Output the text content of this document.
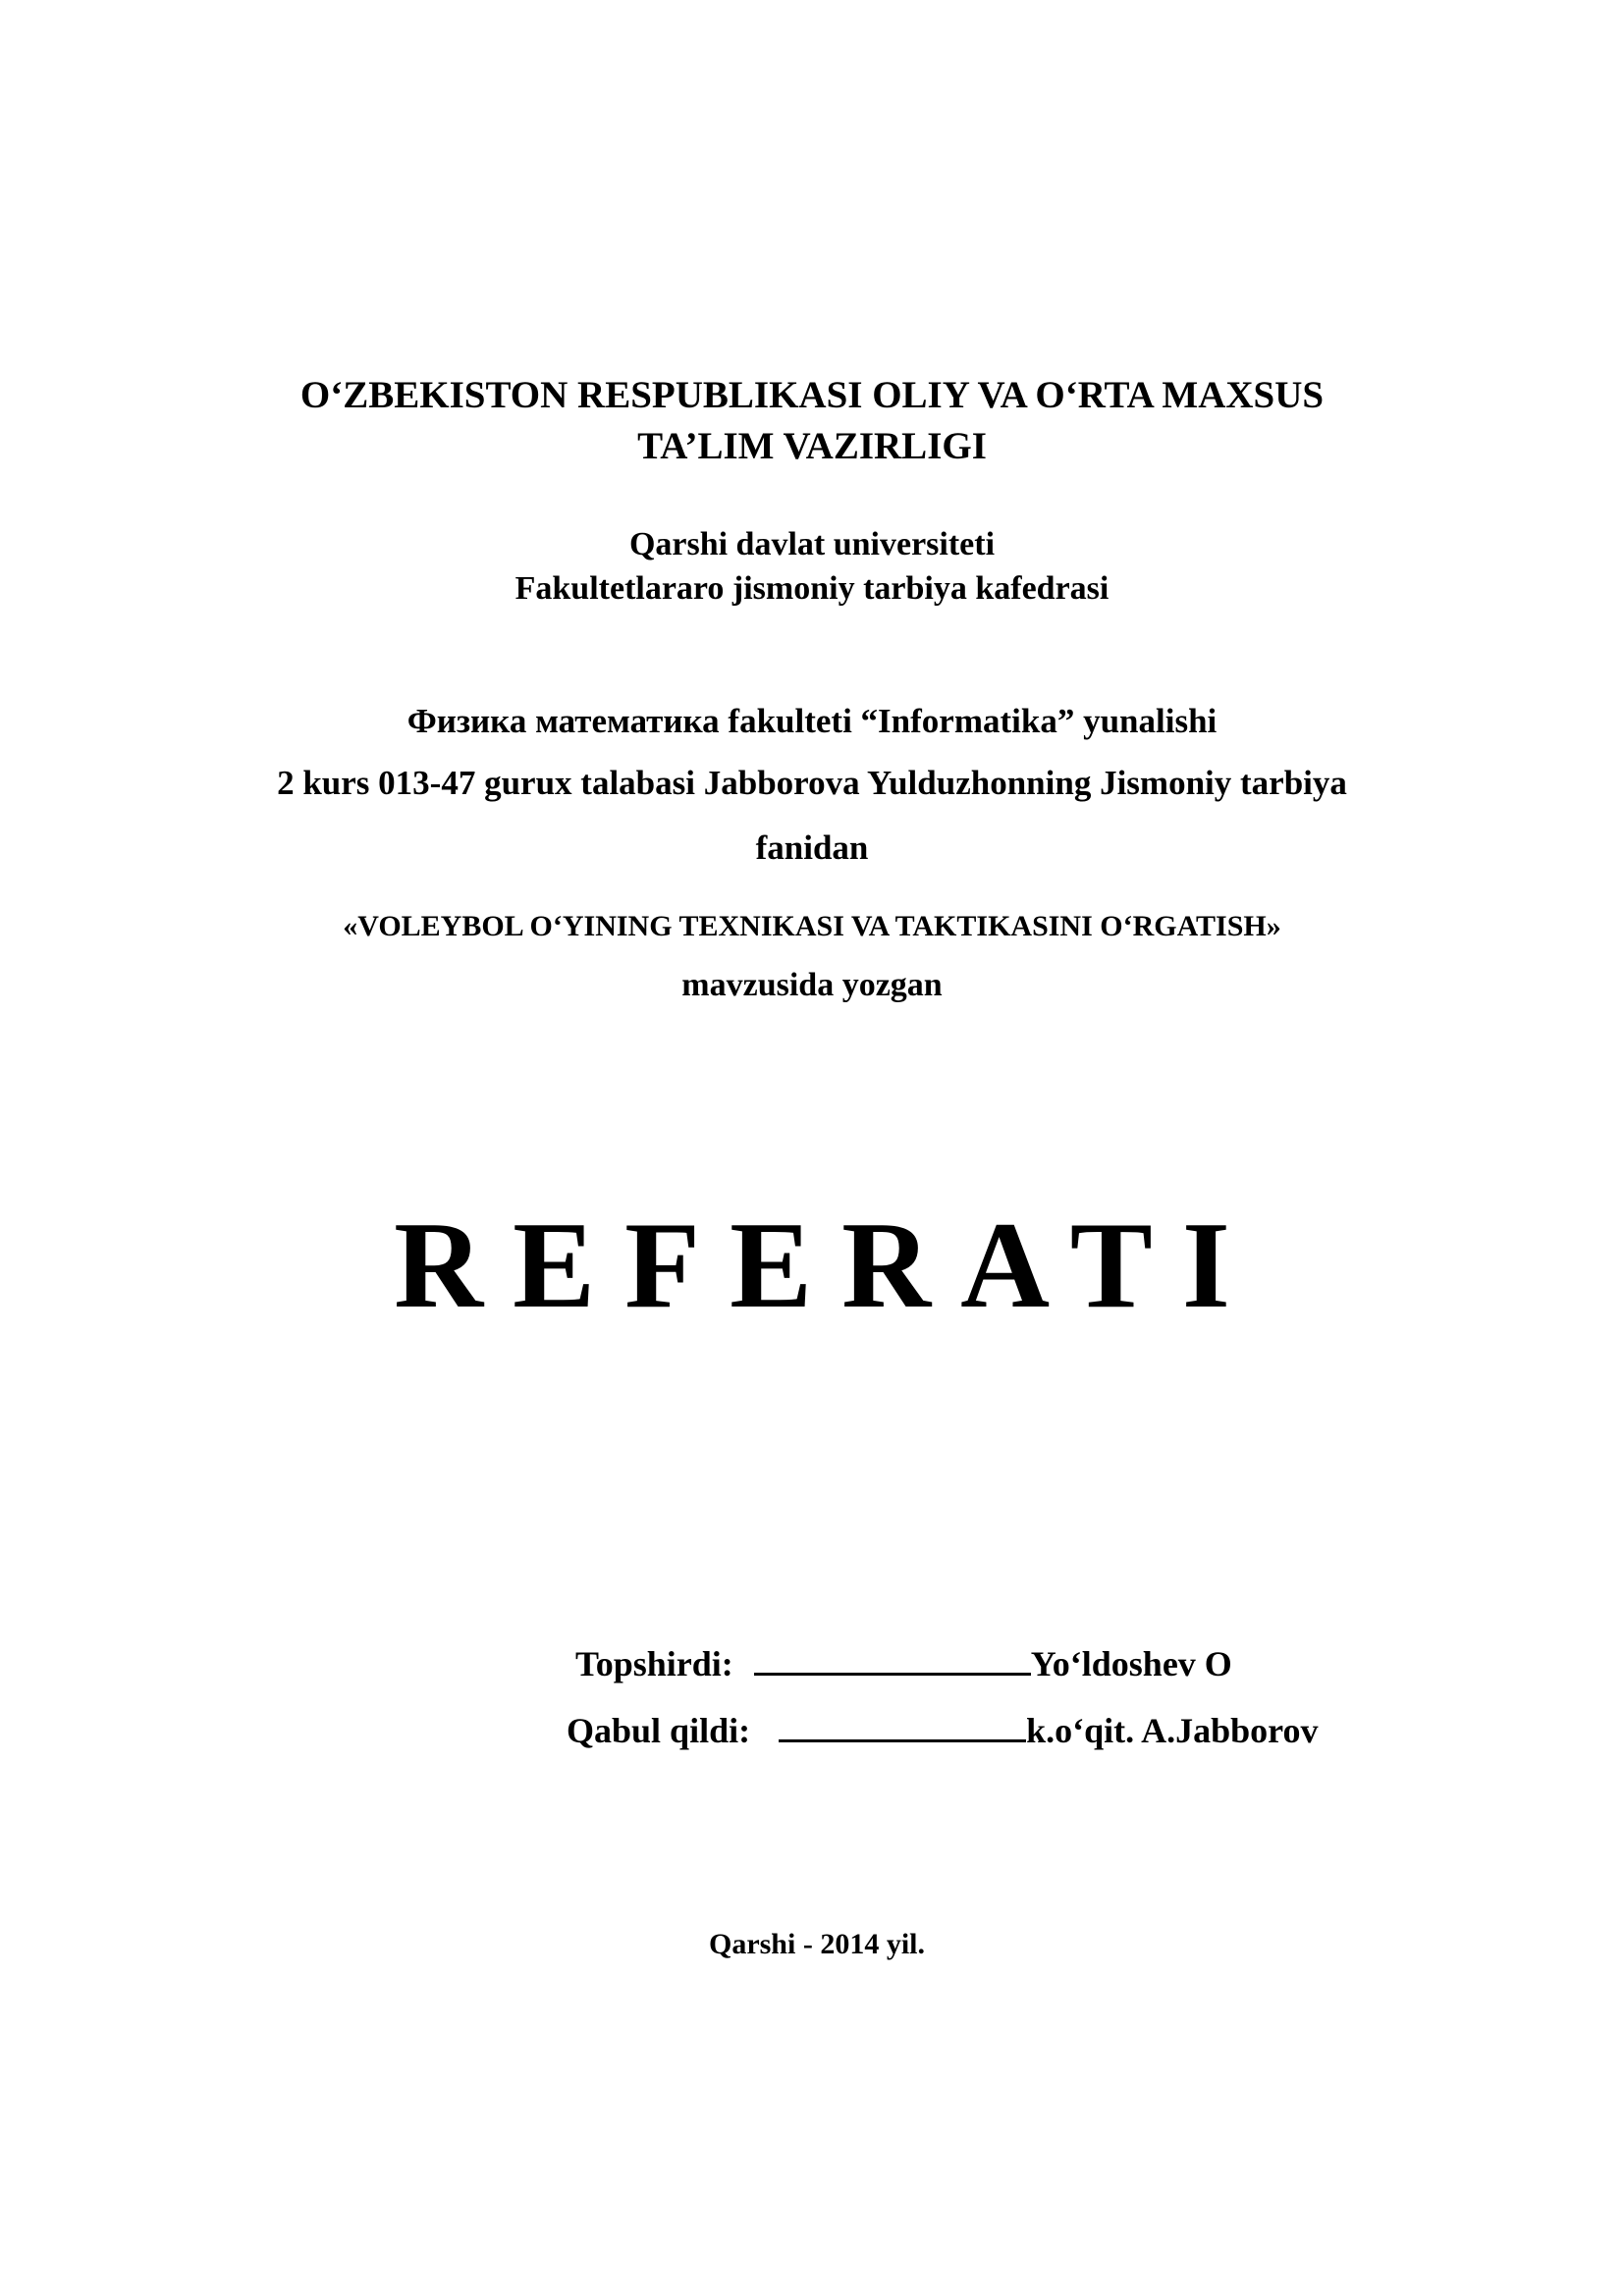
O‘ZBEKISTON RESPUBLIKASI OLIY VA O‘RTA MAXSUS
TA’LIM VAZIRLIGI
Qarshi davlat universiteti
Fakultetlararo jismoniy tarbiya kafedrasi
Физика математика fakulteti “Informatika” yunalishi
2 kurs 013-47 gurux talabasi Jabborova Yulduzhonning Jismoniy tarbiya
fanidan
«VOLEYBOL O‘YINING TEXNIKASI VA TAKTIKASINI O‘RGATISH»
mavzusida yozgan
REFERATI
Topshirdi:	Yo‘ldoshev O
Qabul qildi:	k.o‘qit. A.Jabborov
Qarshi - 2014 yil.
